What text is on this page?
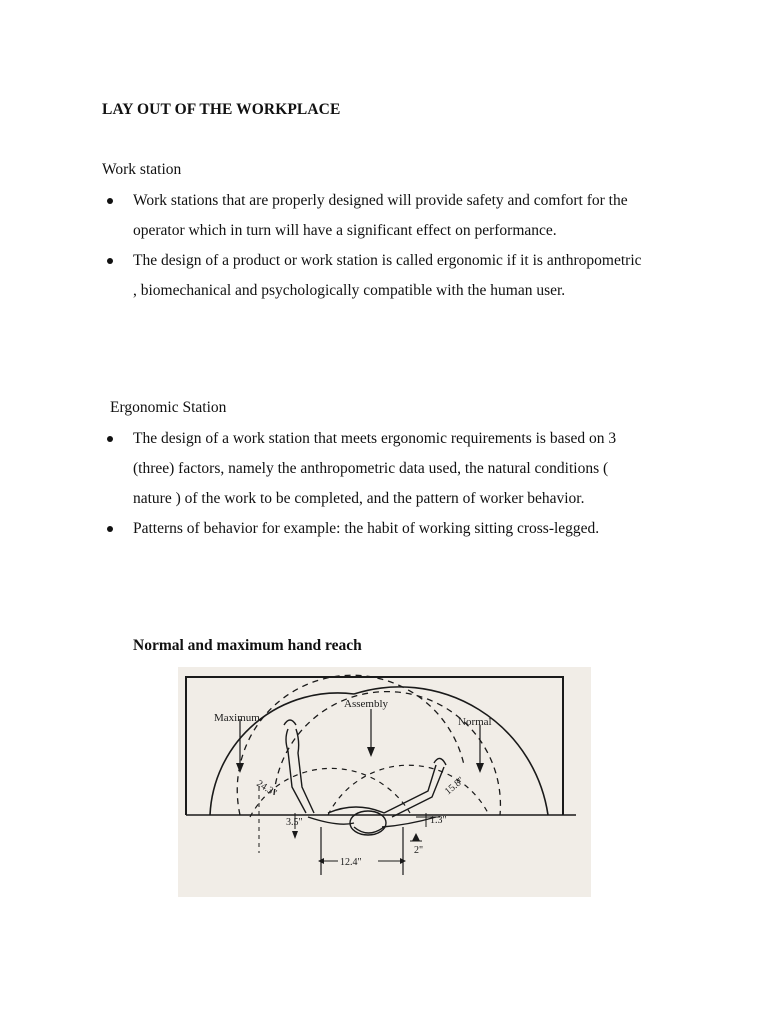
LAY OUT OF THE WORKPLACE

Work station

Work stations that are properly designed will provide safety and comfort for the operator which in turn will have a significant effect on performance.
The design of a product or work station is called ergonomic if it is anthropometric , biomechanical and psychologically compatible with the human user.

Ergonomic Station

The design of a work station that meets ergonomic requirements is based on 3 (three) factors, namely the anthropometric data used, the natural conditions ( nature ) of the work to be completed, and the pattern of worker behavior.
Patterns of behavior for example: the habit of working sitting cross-legged.

Normal and maximum hand reach

Maximum
Assembly
Normal
24.3"	15.8"
3.5"	1.3"
2"
12.4"
